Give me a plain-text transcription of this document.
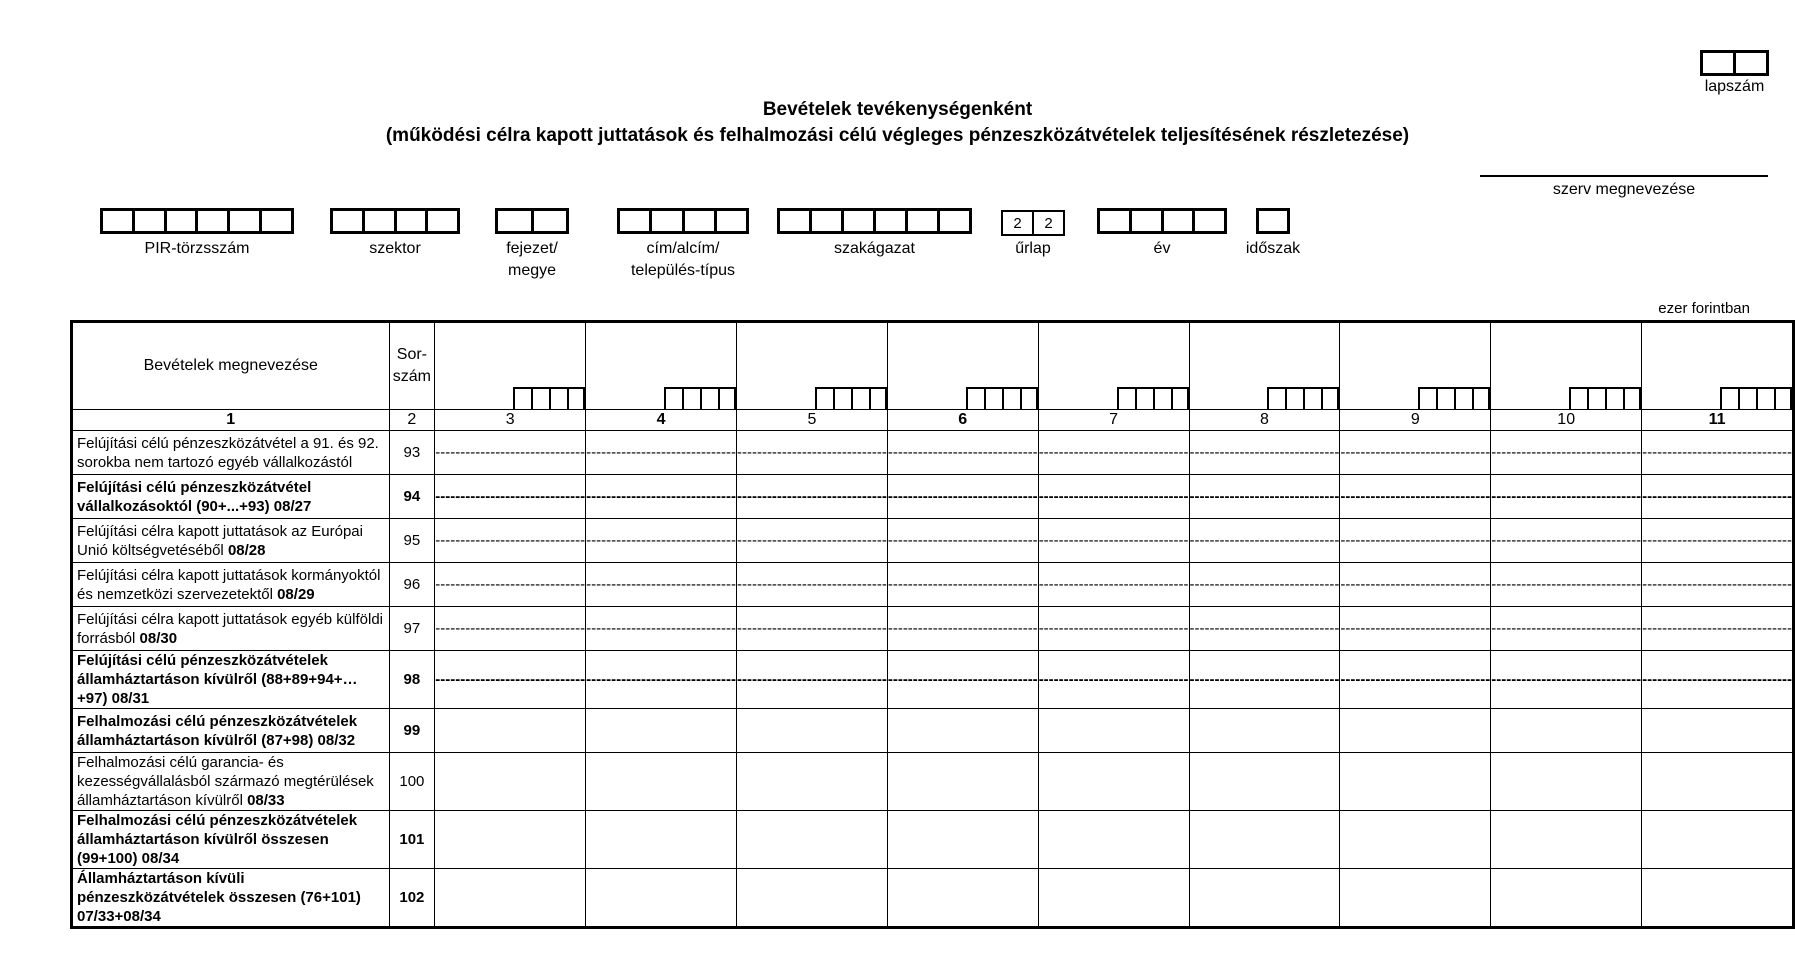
lapszám
Bevételek tevékenységenként
(működési célra kapott juttatások és felhalmozási célú végleges pénzeszközátvételek teljesítésének részletezése)
szerv megnevezése
PIR-törzsszám	szektor	fejezet/
megye
cím/alcím/
település-típus
szakágazat
2	2
űrlap	év	időszak
ezer forintban
Bevételek megnevezése	Sor-
szám	

1	2	3	4	5	6	7	8	9	10	11
Felújítási célú pénzeszközátvétel a 91. és 92. sorokba nem tartozó egyéb vállalkozástól	93	------------------------------	------------------------------	------------------------------	------------------------------	------------------------------	------------------------------	------------------------------	------------------------------	------------------------------
Felújítási célú pénzeszközátvétel vállalkozásoktól (90+...+93) 08/27	94	------------------------------	------------------------------	------------------------------	------------------------------	------------------------------	------------------------------	------------------------------	------------------------------	------------------------------
Felújítási célra kapott juttatások az Európai Unió költségvetéséből 08/28	95	------------------------------	------------------------------	------------------------------	------------------------------	------------------------------	------------------------------	------------------------------	------------------------------	------------------------------
Felújítási célra kapott juttatások kormányoktól és nemzetközi szervezetektől 08/29	96	------------------------------	------------------------------	------------------------------	------------------------------	------------------------------	------------------------------	------------------------------	------------------------------	------------------------------
Felújítási célra kapott juttatások egyéb külföldi forrásból 08/30	97	------------------------------	------------------------------	------------------------------	------------------------------	------------------------------	------------------------------	------------------------------	------------------------------	------------------------------
Felújítási célú pénzeszközátvételek államháztartáson kívülről (88+89+94+…+97) 08/31	98	------------------------------	------------------------------	------------------------------	------------------------------	------------------------------	------------------------------	------------------------------	------------------------------	------------------------------
Felhalmozási célú pénzeszközátvételek államháztartáson kívülről (87+98) 08/32	99									
Felhalmozási célú garancia- és kezességvállalásból származó megtérülések államháztartáson kívülről 08/33	100									
Felhalmozási célú pénzeszközátvételek államháztartáson kívülről összesen (99+100) 08/34	101									
Államháztartáson kívüli pénzeszközátvételek összesen (76+101) 07/33+08/34	102									
